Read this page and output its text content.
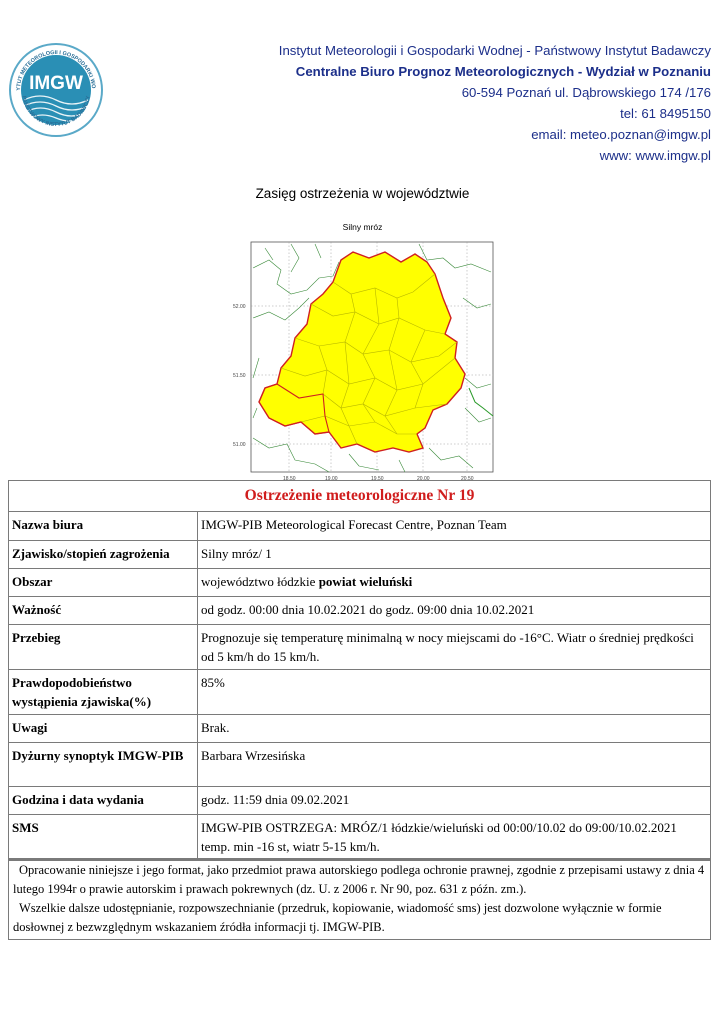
IMGW
YTUT METEOROLOGII I GOSPODARKI WO
PAŃSTWOWY INSTYTUT BADAWCZY
Instytut Meteorologii i Gospodarki Wodnej - Państwowy Instytut Badawczy
Centralne Biuro Prognoz Meteorologicznych - Wydział w Poznaniu
60-594 Poznań ul. Dąbrowskiego 174 /176
tel: 61 8495150
email: meteo.poznan@imgw.pl
www: www.imgw.pl
Zasięg ostrzeżenia w województwie
Silny mróz
52.00
51.50
51.00
18.50	19.00	19.50	20.00	20.50
Ostrzeżenie meteorologiczne Nr 19
Nazwa biura	IMGW-PIB Meteorological Forecast Centre, Poznan Team
Zjawisko/stopień zagrożenia	Silny mróz/ 1
Obszar	województwo łódzkie powiat wieluński
Ważność	od godz. 00:00 dnia 10.02.2021 do godz. 09:00 dnia 10.02.2021
Przebieg	Prognozuje się temperaturę minimalną w nocy miejscami do -16°C. Wiatr o średniej prędkości od 5 km/h do 15 km/h.
Prawdopodobieństwo wystąpienia zjawiska(%)	85%
Uwagi	Brak.
Dyżurny synoptyk IMGW-PIB	Barbara Wrzesińska
Godzina i data wydania	godz. 11:59 dnia 09.02.2021
SMS	IMGW-PIB OSTRZEGA: MRÓZ/1 łódzkie/wieluński od 00:00/10.02 do 09:00/10.02.2021 temp. min -16 st, wiatr 5-15 km/h.

Opracowanie niniejsze i jego format, jako przedmiot prawa autorskiego podlega ochronie prawnej, zgodnie z przepisami ustawy z dnia 4 lutego 1994r o prawie autorskim i prawach pokrewnych (dz. U. z 2006 r. Nr 90, poz. 631 z późn. zm.).

Wszelkie dalsze udostępnianie, rozpowszechnianie (przedruk, kopiowanie, wiadomość sms) jest dozwolone wyłącznie w formie dosłownej z bezwzględnym wskazaniem źródła informacji tj. IMGW-PIB.
